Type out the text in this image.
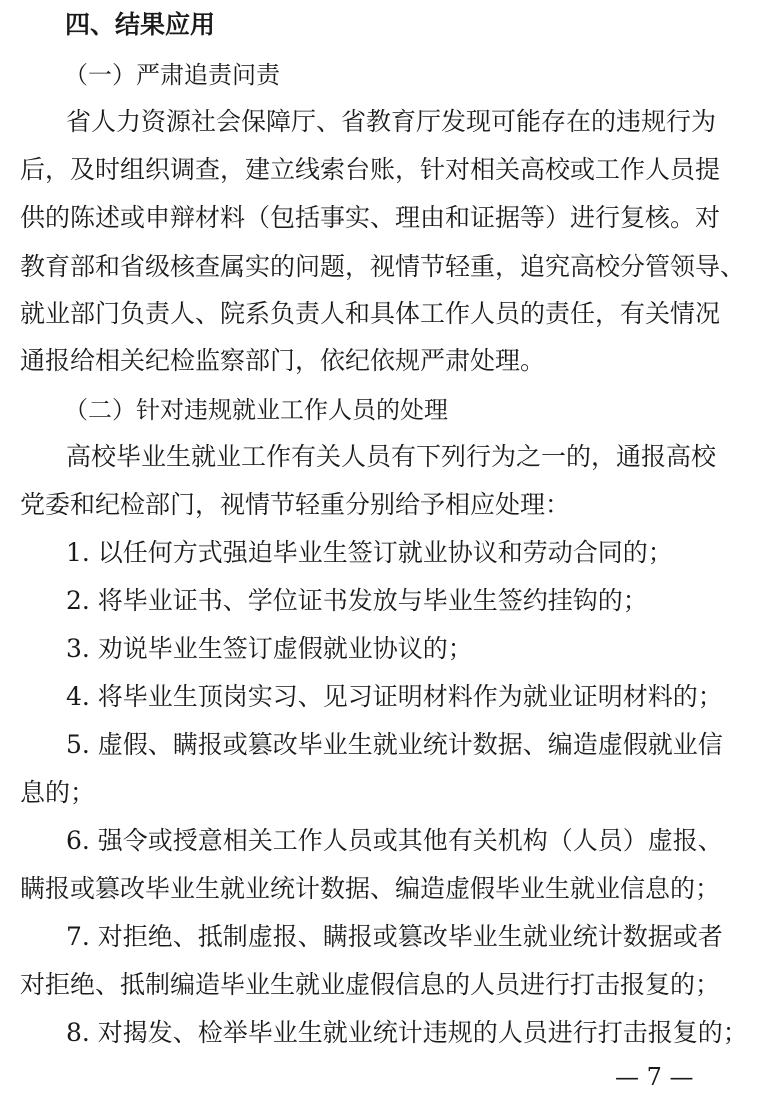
四、结果应用
（一）严肃追责问责
省人力资源社会保障厅、省教育厅发现可能存在的违规行为
后，及时组织调查，建立线索台账，针对相关高校或工作人员提
供的陈述或申辩材料（包括事实、理由和证据等）进行复核。对
教育部和省级核查属实的问题，视情节轻重，追究高校分管领导、
就业部门负责人、院系负责人和具体工作人员的责任，有关情况
通报给相关纪检监察部门，依纪依规严肃处理。
（二）针对违规就业工作人员的处理
高校毕业生就业工作有关人员有下列行为之一的，通报高校
党委和纪检部门，视情节轻重分别给予相应处理：
1. 以任何方式强迫毕业生签订就业协议和劳动合同的；
2. 将毕业证书、学位证书发放与毕业生签约挂钩的；
3. 劝说毕业生签订虚假就业协议的；
4. 将毕业生顶岗实习、见习证明材料作为就业证明材料的；
5. 虚假、瞒报或篡改毕业生就业统计数据、编造虚假就业信
息的；
6. 强令或授意相关工作人员或其他有关机构（人员）虚报、
瞒报或篡改毕业生就业统计数据、编造虚假毕业生就业信息的；
7. 对拒绝、抵制虚报、瞒报或篡改毕业生就业统计数据或者
对拒绝、抵制编造毕业生就业虚假信息的人员进行打击报复的；
8. 对揭发、检举毕业生就业统计违规的人员进行打击报复的；
— 7 —
